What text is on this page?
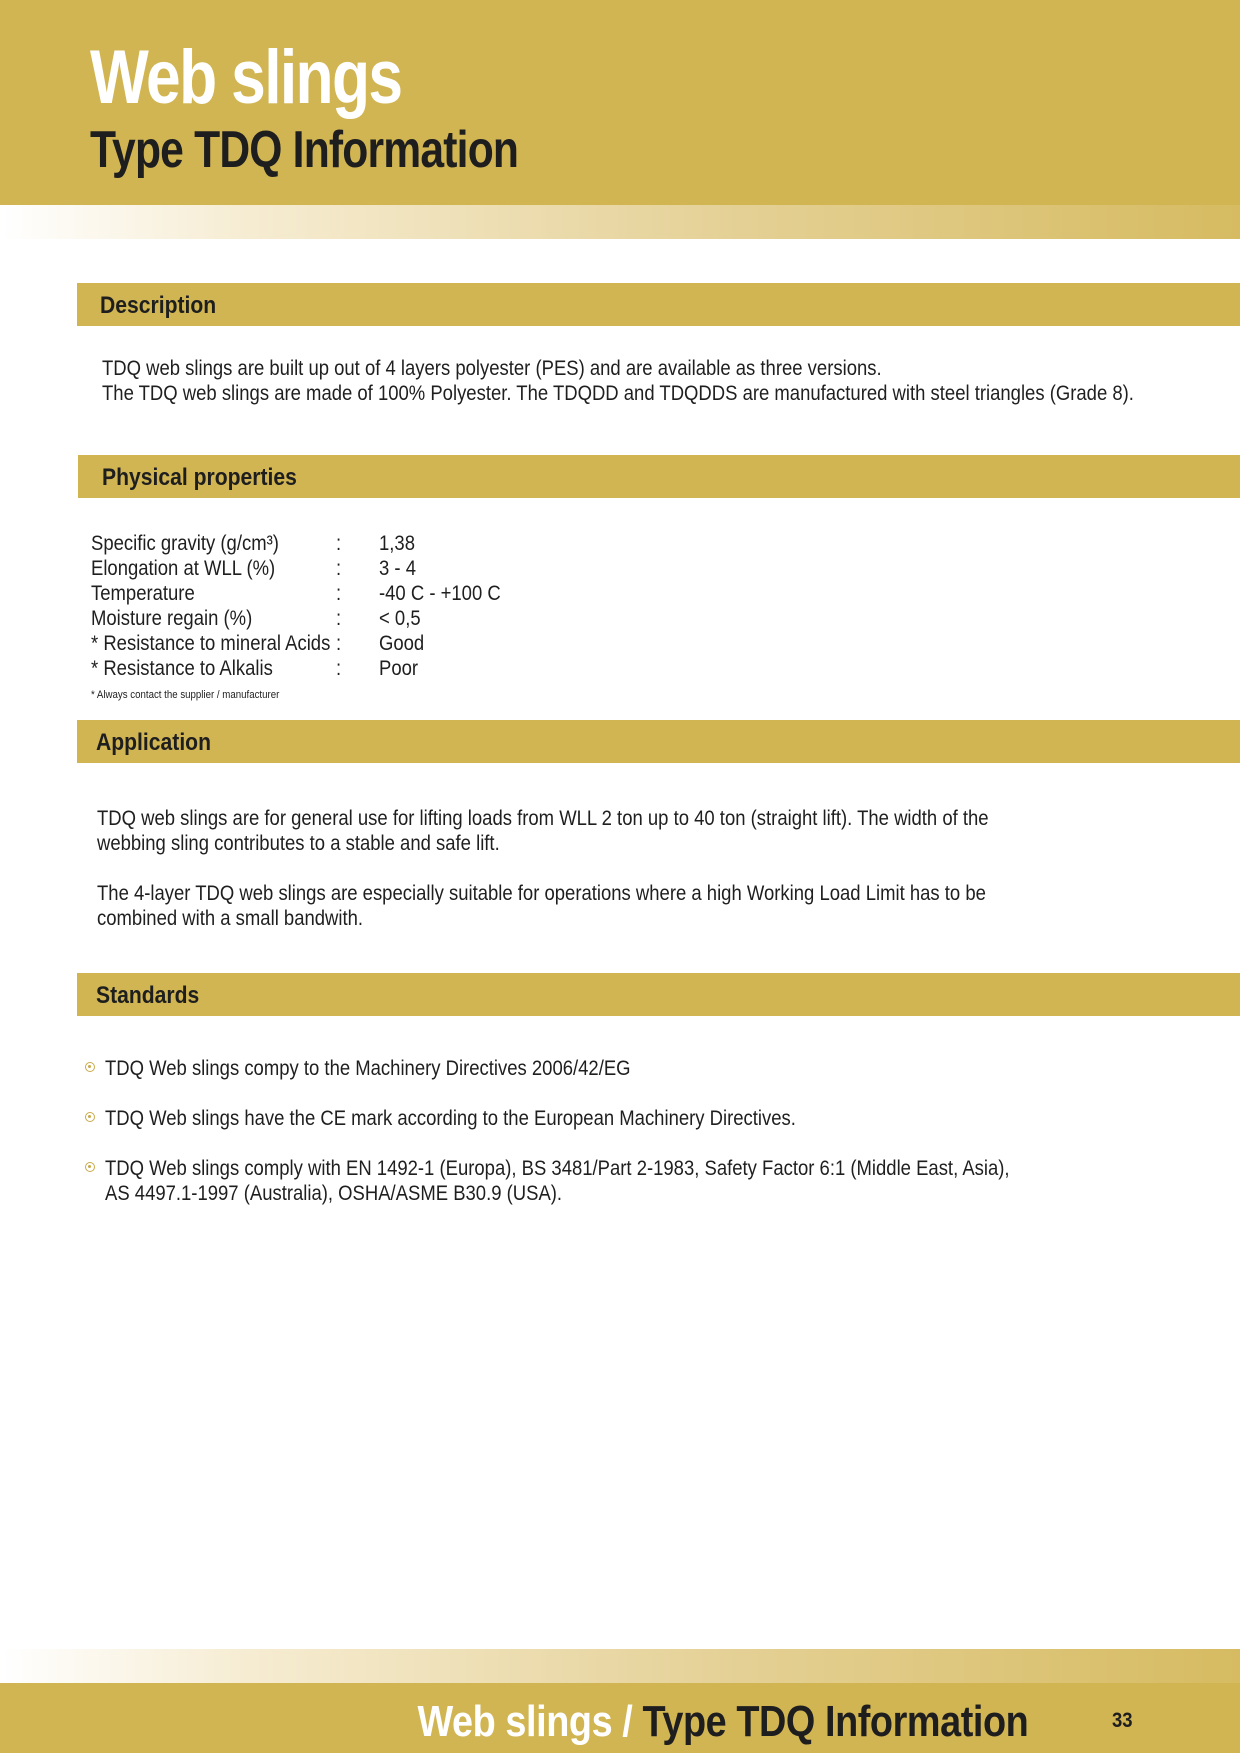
Web slings
Type TDQ Information
Description

TDQ web slings are built up out of 4 layers polyester (PES) and are available as three versions.

The TDQ web slings are made of 100% Polyester. The TDQDD and TDQDDS are manufactured with steel triangles (Grade 8).

Physical properties
Specific gravity (g/cm³)	: 1,38
Elongation at WLL (%)	: 3 - 4
Temperature	: -40 C - +100 C
Moisture regain (%)	: < 0,5
* Resistance to mineral Acids : Good
* Resistance to Alkalis	: Poor
* Always contact the supplier / manufacturer
Application

TDQ web slings are for general use for lifting loads from WLL 2 ton up to 40 ton (straight lift). The width of the webbing sling contributes to a stable and safe lift.

The 4-layer TDQ web slings are especially suitable for operations where a high Working Load Limit has to be combined with a small bandwith.

Standards

TDQ Web slings compy to the Machinery Directives 2006/42/EG

TDQ Web slings have the CE mark according to the European Machinery Directives.

TDQ Web slings comply with EN 1492-1 (Europa), BS 3481/Part 2-1983, Safety Factor 6:1 (Middle East, Asia),

AS 4497.1-1997 (Australia), OSHA/ASME B30.9 (USA).

Web slings / Type TDQ Information	33
